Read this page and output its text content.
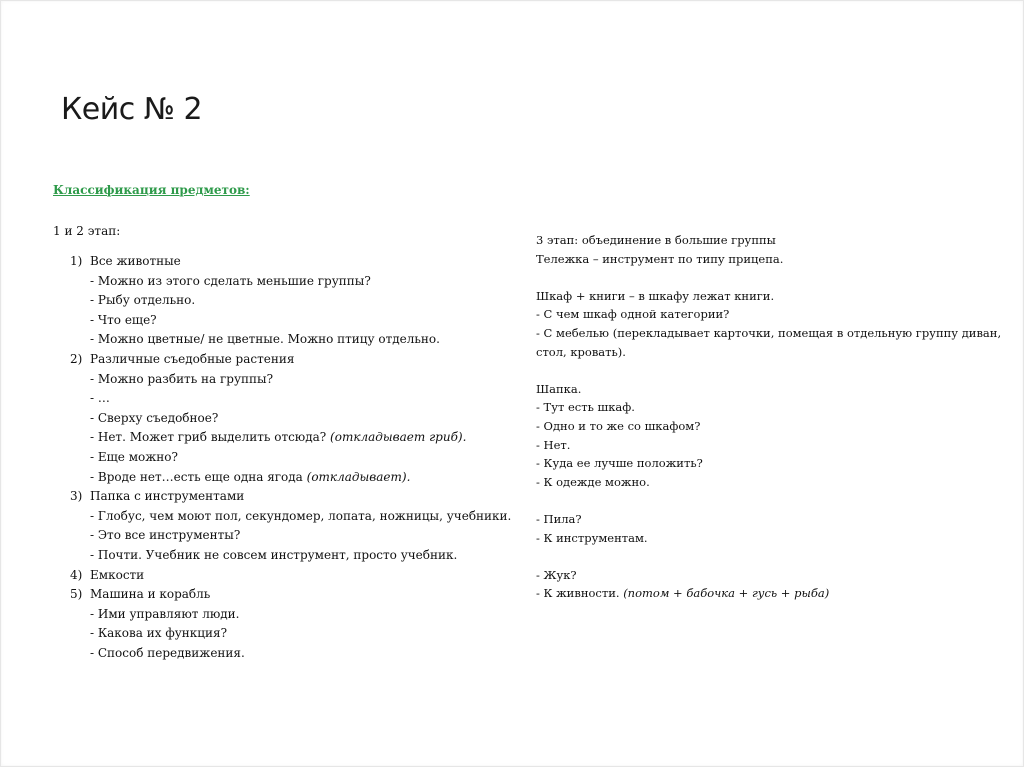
Кейс № 2
Классификация предметов:
1 и 2 этап:
1) Все животные
- Можно из этого сделать меньшие группы?
- Рыбу отдельно.
- Что еще?
- Можно цветные/ не цветные. Можно птицу отдельно.
2) Различные съедобные растения
- Можно разбить на группы?
- …
- Сверху съедобное?
- Нет. Может гриб выделить отсюда? (откладывает гриб).
- Еще можно?
- Вроде нет…есть еще одна ягода (откладывает).
3) Папка с инструментами
- Глобус, чем моют пол, секундомер, лопата, ножницы, учебники.
- Это все инструменты?
- Почти. Учебник не совсем инструмент, просто учебник.
4) Емкости
5) Машина и корабль
- Ими управляют люди.
- Какова их функция?
- Способ передвижения.
3 этап: объединение в большие группы
Тележка – инструмент по типу прицепа.
Шкаф + книги – в шкафу лежат книги.
- С чем шкаф одной категории?
- С мебелью (перекладывает карточки, помещая в отдельную группу диван,
стол, кровать).
Шапка.
- Тут есть шкаф.
- Одно и то же со шкафом?
- Нет.
- Куда ее лучше положить?
- К одежде можно.
- Пила?
- К инструментам.
- Жук?
- К живности. (потом + бабочка + гусь + рыба)
